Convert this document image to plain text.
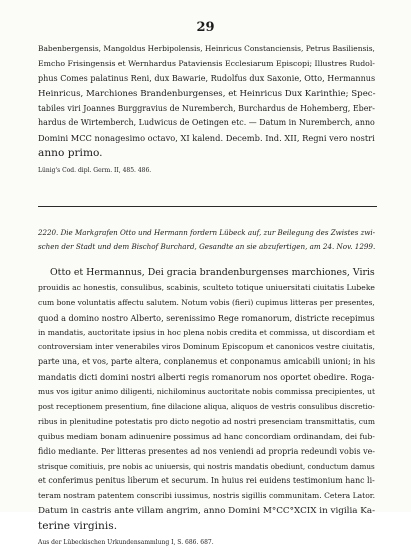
29
Babenbergensis, Mangoldus Herbipolensis, Heinricus Constanciensis, Petrus Basiliensis,
Emcho Frisingensis et Wernhardus Pataviensis Ecclesiarum Episcopi; Illustres Rudol-
phus Comes palatinus Reni, dux Bawarie, Rudolfus dux Saxonie, Otto, Hermannus
Heinricus, Marchiones Brandenburgenses, et Heinricus Dux Karinthie; Spec-
tabiles viri Joannes Burggravius de Nuremberch, Burchardus de Hohemberg, Eber-
hardus de Wirtemberch, Ludwicus de Oetingen etc. — Datum in Nuremberch, anno
Domini MCC nonagesimo octavo, XI kalend. Decemb. Ind. XII, Regni vero nostri
anno primo.
Lünig's Cod. dipl. Germ. II, 485. 486.
2220. Die Markgrafen Otto und Hermann fordern Lübeck auf, zur Beilegung des Zwistes zwi-
schen der Stadt und dem Bischof Burchard, Gesandte an sie abzufertigen, am 24. Nov. 1299.
Otto et Hermannus, Dei gracia brandenburgenses marchiones, Viris
prouidis ac honestis, consulibus, scabinis, sculteto totique uniuersitati ciuitatis Lubeke
cum bone voluntatis affectu salutem. Notum vobis (fieri) cupimus litteras per presentes,
quod a domino nostro Alberto, serenissimo Rege romanorum, districte recepimus
in mandatis, auctoritate ipsius in hoc plena nobis credita et commissa, ut discordiam et
controversiam inter venerabiles viros Dominum Episcopum et canonicos vestre ciuitatis,
parte una, et vos, parte altera, conplanemus et conponamus amicabili unioni; in his
mandatis dicti domini nostri alberti regis romanorum nos oportet obedire. Roga-
mus vos igitur animo diligenti, nichilominus auctoritate nobis commissa precipientes, ut
post receptionem presentium, fine dilacione aliqua, aliquos de vestris consulibus discretio-
ribus in plenitudine potestatis pro dicto negotio ad nostri presenciam transmittatis, cum
quibus mediam bonam adinuenire possimus ad hanc concordiam ordinandam, dei fub-
fidio mediante. Per litteras presentes ad nos veniendi ad propria redeundi vobis ve-
strisque comitiuis, pre nobis ac uniuersis, qui nostris mandatis obediunt, conductum damus
et conferimus penitus liberum et securum. In huius rei euidens testimonium hanc li-
teram nostram patentem conscribi iussimus, nostris sigillis communitam. Cetera Lator.
Datum in castris ante villam angrim, anno Domini M°CC°XCIX in vigilia Ka-
terine virginis.
Aus der Lübeckischen Urkundensammlung I, S. 686. 687.
